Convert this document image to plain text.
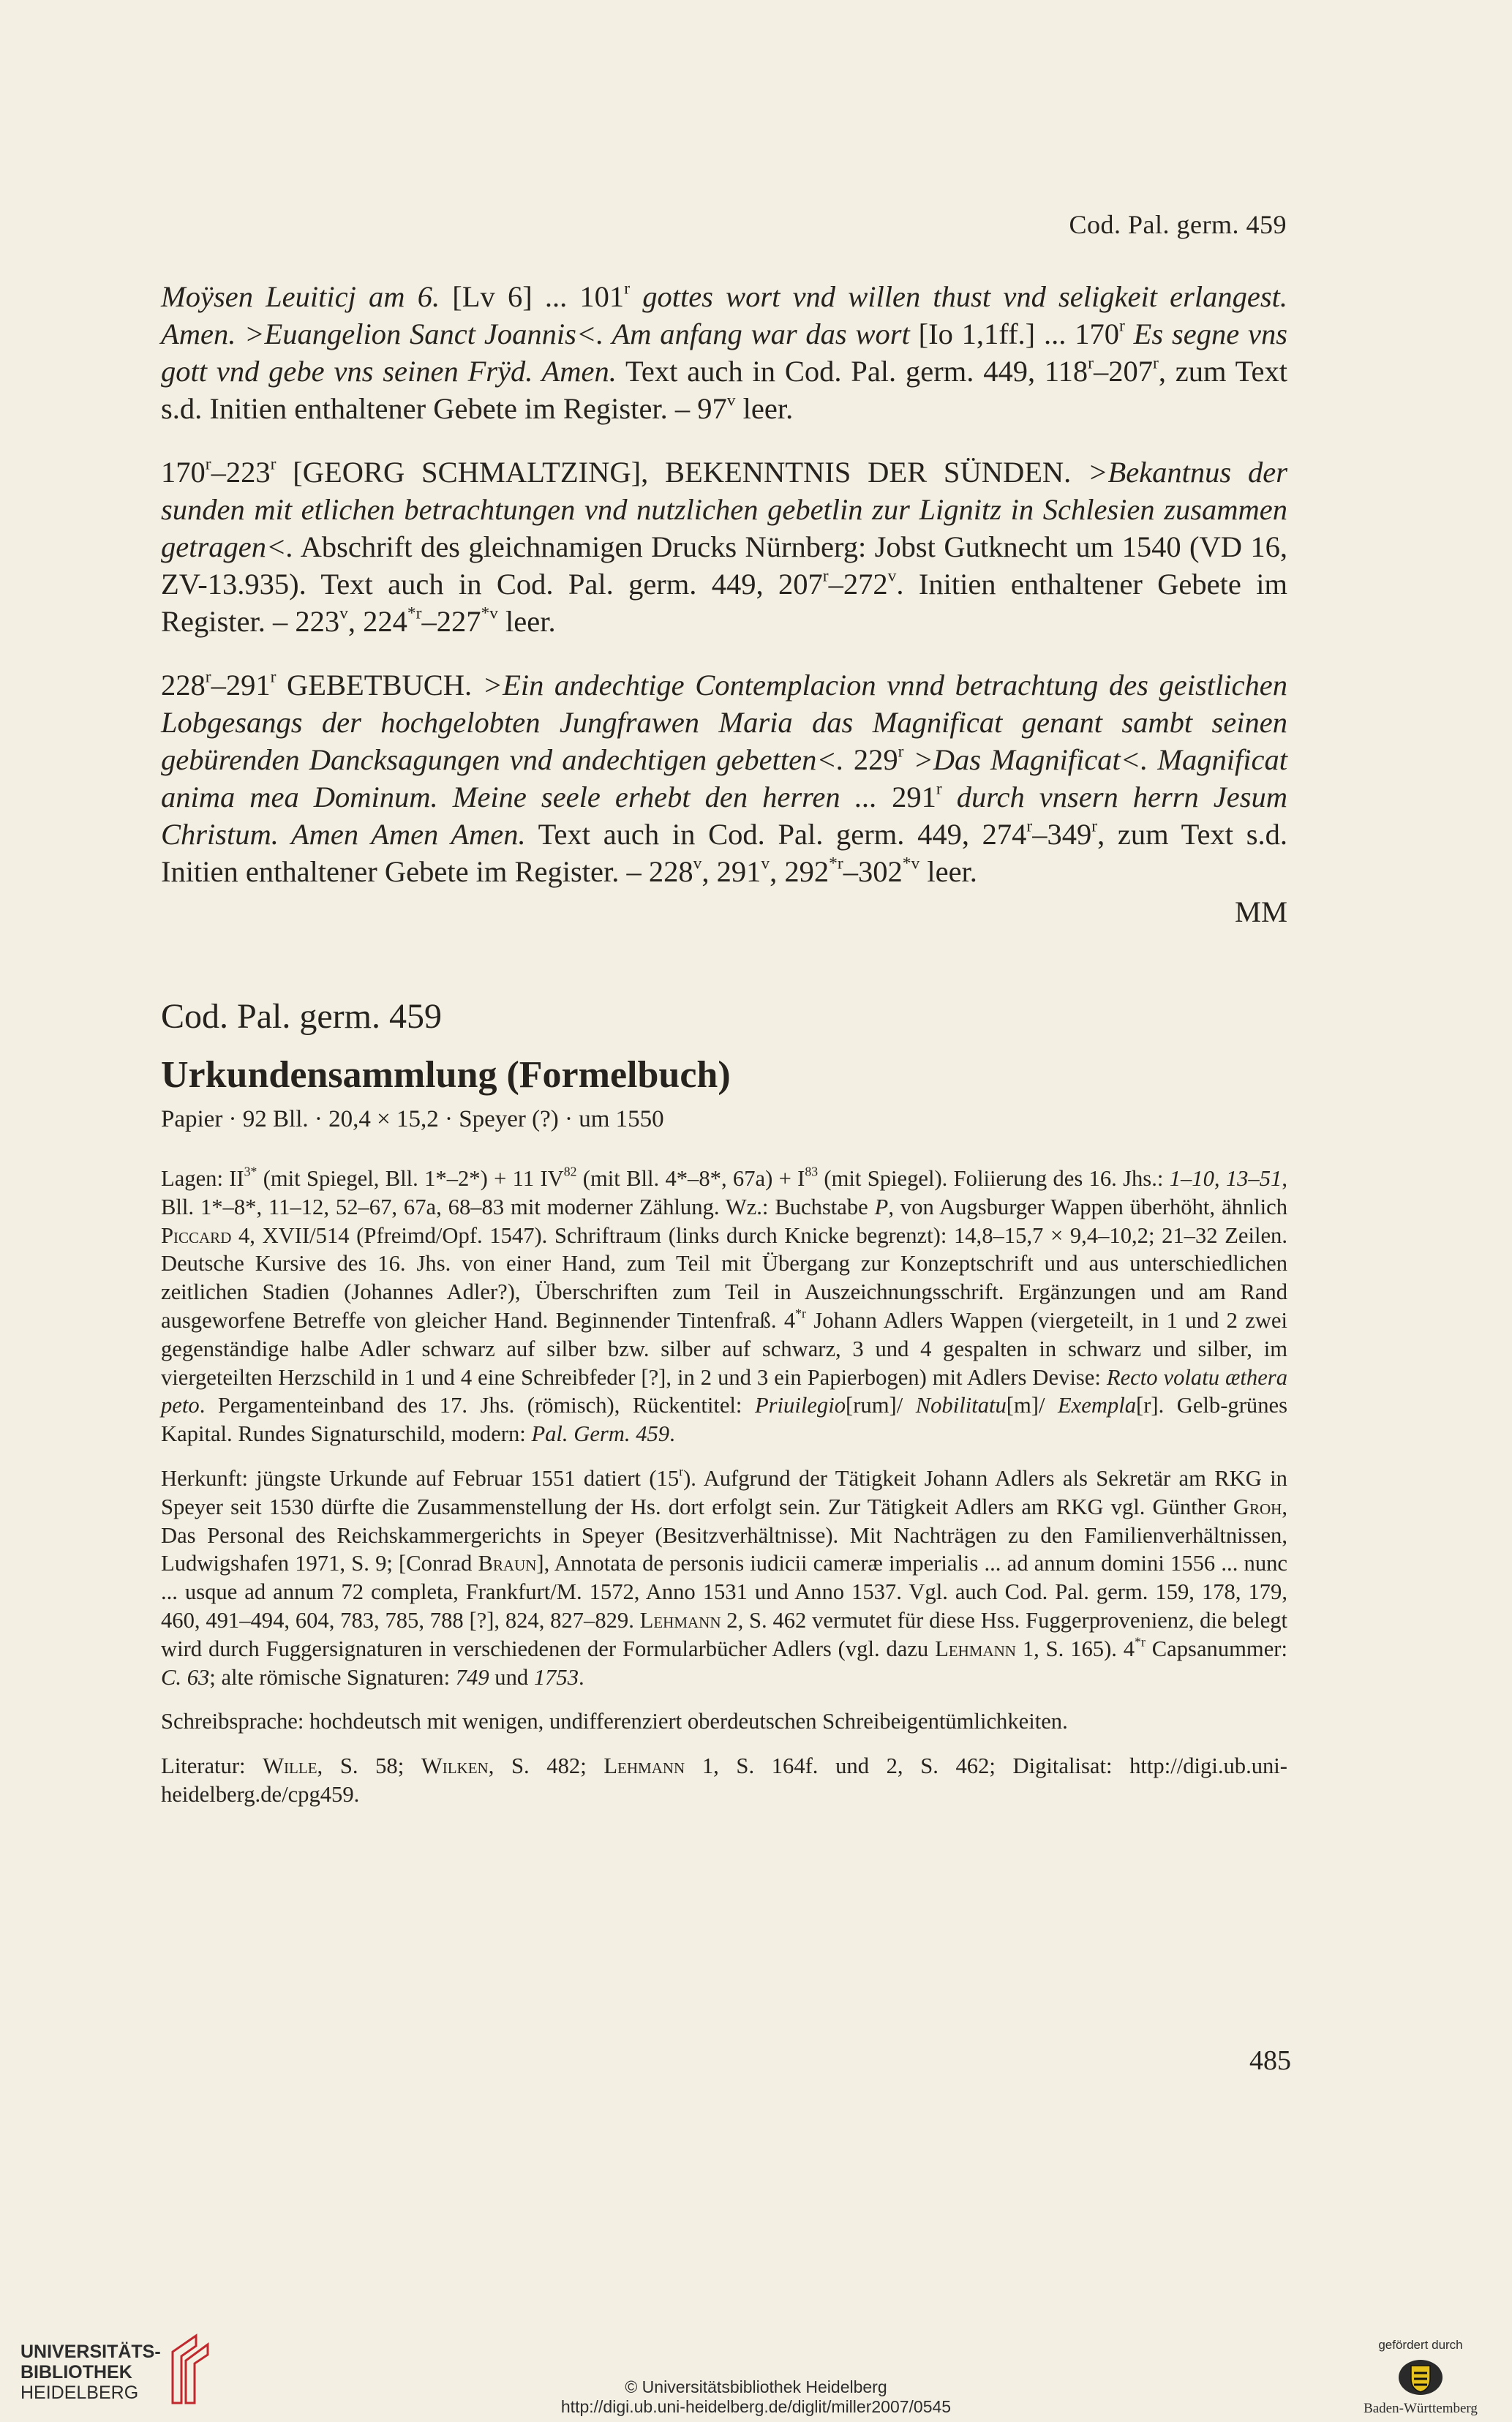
Cod. Pal. germ. 459

Moÿsen Leuiticj am 6. [Lv 6] ... 101$^r$ gottes wort vnd willen thust vnd seligkeit erlangest. Amen. >Euangelion Sanct Joannis<. Am anfang war das wort [Io 1,1ff.] ... 170$^r$ Es segne vns gott vnd gebe vns seinen Frÿd. Amen. Text auch in Cod. Pal. germ. 449, 118$^r$–207$^r$, zum Text s.d. Initien enthaltener Gebete im Register. – 97$^v$ leer.

170$^r$–223$^r$ [GEORG SCHMALTZING], BEKENNTNIS DER SÜNDEN. >Bekantnus der sunden mit etlichen betrachtungen vnd nutzlichen gebetlin zur Lignitz in Schlesien zusammen getragen<. Abschrift des gleichnamigen Drucks Nürnberg: Jobst Gutknecht um 1540 (VD 16, ZV-13.935). Text auch in Cod. Pal. germ. 449, 207$^r$–272$^v$. Initien enthaltener Gebete im Register. – 223$^v$, 224$^{*r}$–227$^{*v}$ leer.

228$^r$–291$^r$ GEBETBUCH. >Ein andechtige Contemplacion vnnd betrachtung des geistlichen Lobgesangs der hochgelobten Jungfrawen Maria das Magnificat genant sambt seinen gebürenden Dancksagungen vnd andechtigen gebetten<. $229^r >Das$ Magnificat<. Magnificat anima mea Dominum. Meine seele erhebt den herren ... 291$^r$ durch vnsern herrn Jesum Christum. Amen Amen Amen. Text auch in Cod. Pal. germ. 449, 274$^r$–349$^r$, zum Text s.d. Initien enthaltener Gebete im Register. – 228$^v$, 291$^v$, 292$^{*r}$–302$^{*v}$ leer.

MM
Cod. Pal. germ. 459
Urkundensammlung (Formelbuch)
Papier · 92 Bll. · 20,4 × 15,2 · Speyer (?) · um 1550

Lagen: $II^{3*}$ (mit Spiegel, Bll. 1*–2*) + 11 IV$^{82}$ (mit Bll. 4*–8*, $67a) + I^{83}$ (mit Spiegel). Foliierung des 16. Jhs.: 1–10, 13–51, Bll. 1*–8*, 11–12, 52–67, 67a, 68–83 mit moderner Zählung. Wz.: Buchstabe P, von Augsburger Wappen überhöht, ähnlich Piccard 4, XVII/514 (Pfreimd/Opf. 1547). Schriftraum (links durch Knicke begrenzt): 14,8–15,7 × 9,4–10,2; 21–32 Zeilen. Deutsche Kursive des 16. Jhs. von einer Hand, zum Teil mit Übergang zur Konzeptschrift und aus unterschiedlichen zeitlichen Stadien (Johannes Adler?), Überschriften zum Teil in Auszeichnungsschrift. Ergänzungen und am Rand ausgeworfene Betreffe von gleicher Hand. Beginnender Tintenfraß. 4$^{*r}$ Johann Adlers Wappen (viergeteilt, in 1 und 2 zwei gegenständige halbe Adler schwarz auf silber bzw. silber auf schwarz, 3 und 4 gespalten in schwarz und silber, im viergeteilten Herzschild in 1 und 4 eine Schreibfeder [?], in 2 und 3 ein Papierbogen) mit Adlers Devise: Recto volatu æthera peto. Pergamenteinband des 17. Jhs. (römisch), Rückentitel: Priuilegio[rum]/ Nobilitatu[m]/ Exempla[r]. Gelb-grünes Kapital. Rundes Signaturschild, modern: Pal. Germ. 459.

Herkunft: jüngste Urkunde auf Februar 1551 datiert (15$^r$). Aufgrund der Tätigkeit Johann Adlers als Sekretär am RKG in Speyer seit 1530 dürfte die Zusammenstellung der Hs. dort erfolgt sein. Zur Tätigkeit Adlers am RKG vgl. Günther Groh, Das Personal des Reichskammergerichts in Speyer (Besitzverhältnisse). Mit Nachträgen zu den Familienverhältnissen, Ludwigshafen 1971, S. 9; [Conrad Braun], Annotata de personis iudicii cameræ imperialis ... ad annum domini 1556 ... nunc ... usque ad annum 72 completa, Frankfurt/M. 1572, Anno 1531 und Anno 1537. Vgl. auch Cod. Pal. germ. 159, 178, 179, 460, 491–494, 604, 783, 785, 788 [?], 824, 827–829. Lehmann 2, S. 462 vermutet für diese Hss. Fuggerprovenienz, die belegt wird durch Fuggersignaturen in verschiedenen der Formularbücher Adlers (vgl. dazu Lehmann 1, S. 165). 4$^{*r}$ Capsanummer: C. 63; alte römische Signaturen: 749 und 1753.

Schreibsprache: hochdeutsch mit wenigen, undifferenziert oberdeutschen Schreibeigentümlichkeiten.

Literatur: Wille, S. 58; Wilken, S. 482; Lehmann 1, S. 164f. und 2, S. 462; Digitalisat: http://digi.ub.uni-heidelberg.de/cpg459.

485
UNIVERSITÄTS-
BIBLIOTHEK
HEIDELBERG	© Universitätsbibliothek Heidelberg
http://digi.ub.uni-heidelberg.de/diglit/miller2007/0545
gefördert durch
Baden-Württemberg
